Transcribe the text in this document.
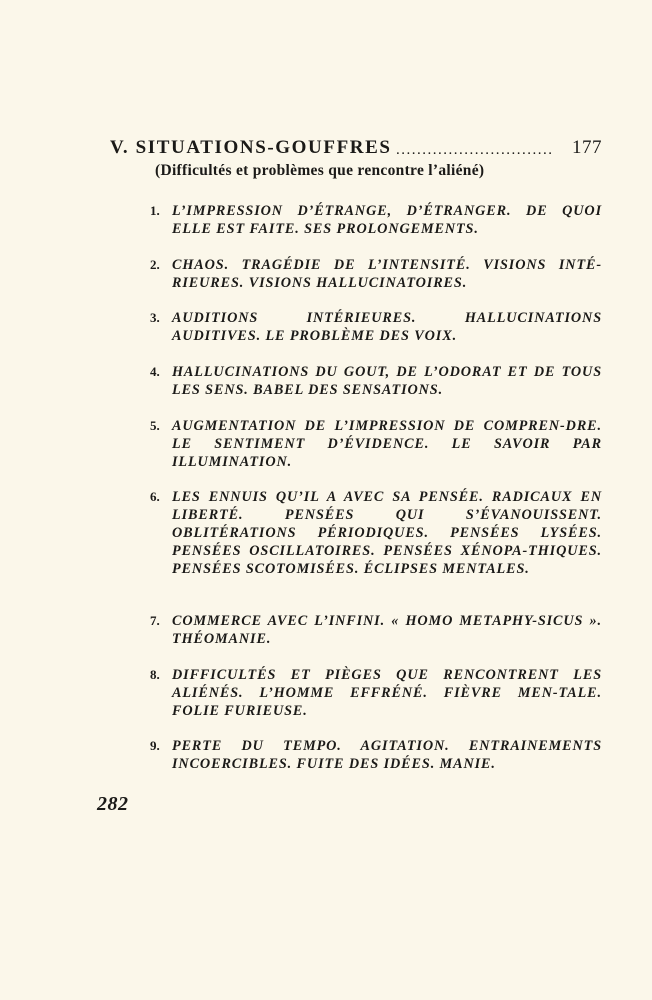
V. SITUATIONS-GOUFFRES .............................. 177
(Difficultés et problèmes que rencontre l’aliéné)
1. L’IMPRESSION D’ÉTRANGE, D’ÉTRANGER. DE QUOI ELLE EST FAITE. SES PROLONGEMENTS.
2. CHAOS. TRAGÉDIE DE L’INTENSITÉ. VISIONS INTÉ-RIEURES. VISIONS HALLUCINATOIRES.
3. AUDITIONS INTÉRIEURES. HALLUCINATIONS AUDITIVES. LE PROBLÈME DES VOIX.
4. HALLUCINATIONS DU GOUT, DE L’ODORAT ET DE TOUS LES SENS. BABEL DES SENSATIONS.
5. AUGMENTATION DE L’IMPRESSION DE COMPREN-DRE. LE SENTIMENT D’ÉVIDENCE. LE SAVOIR PAR ILLUMINATION.
6. LES ENNUIS QU’IL A AVEC SA PENSÉE. RADICAUX EN LIBERTÉ. PENSÉES QUI S’ÉVANOUISSENT. OBLITÉRATIONS PÉRIODIQUES. PENSÉES LYSÉES. PENSÉES OSCILLATOIRES. PENSÉES XÉNOPA-THIQUES. PENSÉES SCOTOMISÉES. ÉCLIPSES MENTALES.
7. COMMERCE AVEC L’INFINI. « HOMO METAPHY-SICUS ». THÉOMANIE.
8. DIFFICULTÉS ET PIÈGES QUE RENCONTRENT LES ALIÉNÉS. L’HOMME EFFRÉNÉ. FIÈVRE MEN-TALE. FOLIE FURIEUSE.
9. PERTE DU TEMPO. AGITATION. ENTRAINEMENTS INCOERCIBLES. FUITE DES IDÉES. MANIE.
282
